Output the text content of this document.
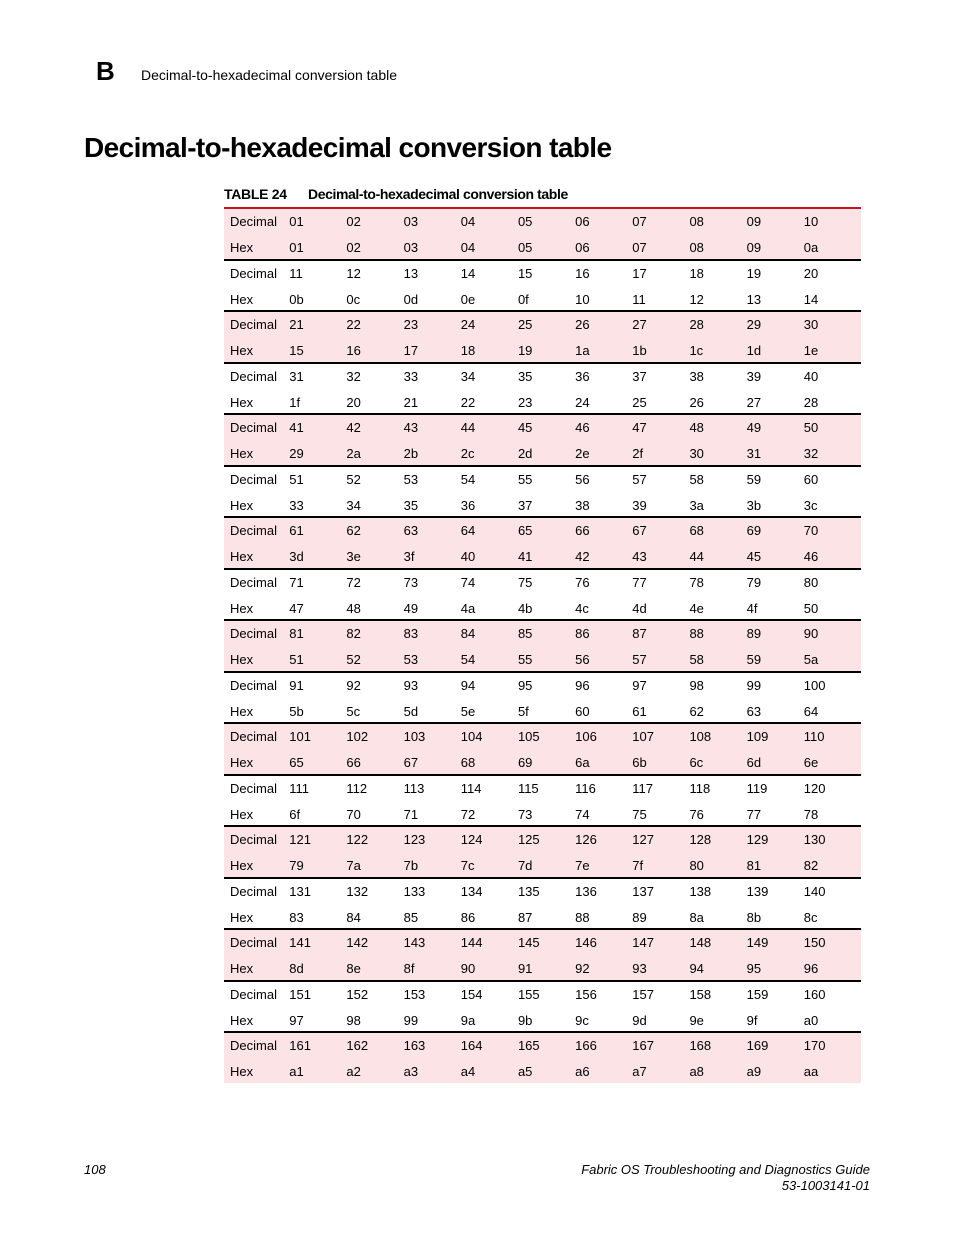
B Decimal-to-hexadecimal conversion table
Decimal-to-hexadecimal conversion table
TABLE 24 Decimal-to-hexadecimal conversion table
Decimal 01	02	03	04	05	06	07	08	09	10
Hex	01	02	03	04	05	06	07	08	09	0a
Decimal 11	12	13	14	15	16	17	18	19	20
Hex	0b	0c	0d	0e	0f	10	11	12	13	14
Decimal 21	22	23	24	25	26	27	28	29	30
Hex	15	16	17	18	19	1a	1b	1c	1d	1e
Decimal 31	32	33	34	35	36	37	38	39	40
Hex	1f	20	21	22	23	24	25	26	27	28
Decimal 41	42	43	44	45	46	47	48	49	50
Hex	29	2a	2b	2c	2d	2e	2f	30	31	32
Decimal 51	52	53	54	55	56	57	58	59	60
Hex	33	34	35	36	37	38	39	3a	3b	3c
Decimal 61	62	63	64	65	66	67	68	69	70
Hex	3d	3e	3f	40	41	42	43	44	45	46
Decimal 71	72	73	74	75	76	77	78	79	80
Hex	47	48	49	4a	4b	4c	4d	4e	4f	50
Decimal 81	82	83	84	85	86	87	88	89	90
Hex	51	52	53	54	55	56	57	58	59	5a
Decimal 91	92	93	94	95	96	97	98	99	100
Hex	5b	5c	5d	5e	5f	60	61	62	63	64
Decimal 101	102	103	104	105	106	107	108	109	110
Hex	65	66	67	68	69	6a	6b	6c	6d	6e
Decimal 111	112	113	114	115	116	117	118	119	120
Hex	6f	70	71	72	73	74	75	76	77	78
Decimal 121	122	123	124	125	126	127	128	129	130
Hex	79	7a	7b	7c	7d	7e	7f	80	81	82
Decimal 131	132	133	134	135	136	137	138	139	140
Hex	83	84	85	86	87	88	89	8a	8b	8c
Decimal 141	142	143	144	145	146	147	148	149	150
Hex	8d	8e	8f	90	91	92	93	94	95	96
Decimal 151	152	153	154	155	156	157	158	159	160
Hex	97	98	99	9a	9b	9c	9d	9e	9f	a0
Decimal 161	162	163	164	165	166	167	168	169	170
Hex	a1	a2	a3	a4	a5	a6	a7	a8	a9	aa
108	Fabric OS Troubleshooting and Diagnostics Guide
53-1003141-01
